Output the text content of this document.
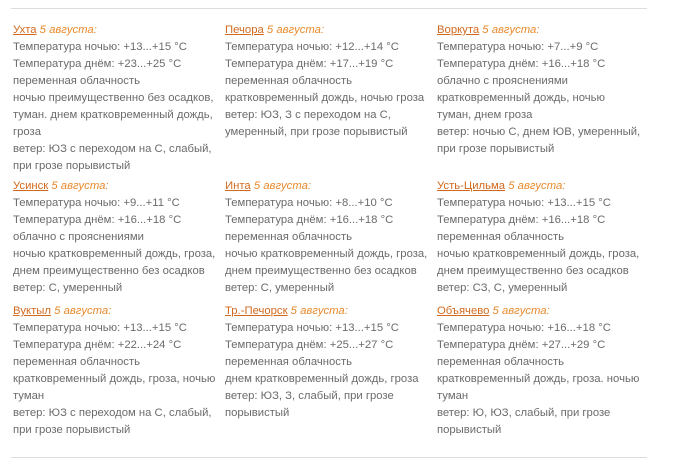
Ухта 5 августа:
Температура ночью: +13...+15 °C
Температура днём: +23...+25 °C
переменная облачность
ночью преимущественно без осадков, туман. днем кратковременный дождь, гроза
ветер: ЮЗ с переходом на С, слабый, при грозе порывистый
Печора 5 августа:
Температура ночью: +12...+14 °C
Температура днём: +17...+19 °C
переменная облачность
кратковременный дождь, ночью гроза
ветер: ЮЗ, З с переходом на С, умеренный, при грозе порывистый
Воркута 5 августа:
Температура ночью: +7...+9 °C
Температура днём: +16...+18 °C
облачно с прояснениями
кратковременный дождь, ночью туман, днем гроза
ветер: ночью С, днем ЮВ, умеренный, при грозе порывистый
Усинск 5 августа:
Температура ночью: +9...+11 °C
Температура днём: +16...+18 °C
облачно с прояснениями
ночью кратковременный дождь, гроза, днем преимущественно без осадков
ветер: С, умеренный
Инта 5 августа:
Температура ночью: +8...+10 °C
Температура днём: +16...+18 °C
переменная облачность
ночью кратковременный дождь, гроза, днем преимущественно без осадков
ветер: С, умеренный
Усть-Цильма 5 августа:
Температура ночью: +13...+15 °C
Температура днём: +16...+18 °C
переменная облачность
ночью кратковременный дождь, гроза, днем преимущественно без осадков
ветер: СЗ, С, умеренный
Вуктыл 5 августа:
Температура ночью: +13...+15 °C
Температура днём: +22...+24 °C
переменная облачность
кратковременный дождь, гроза, ночью туман
ветер: ЮЗ с переходом на С, слабый, при грозе порывистый
Тр.-Печорск 5 августа:
Температура ночью: +13...+15 °C
Температура днём: +25...+27 °C
переменная облачность
днем кратковременный дождь, гроза
ветер: ЮЗ, З, слабый, при грозе порывистый
Объячево 5 августа:
Температура ночью: +16...+18 °C
Температура днём: +27...+29 °C
переменная облачность
кратковременный дождь, гроза. ночью туман
ветер: Ю, ЮЗ, слабый, при грозе порывистый
